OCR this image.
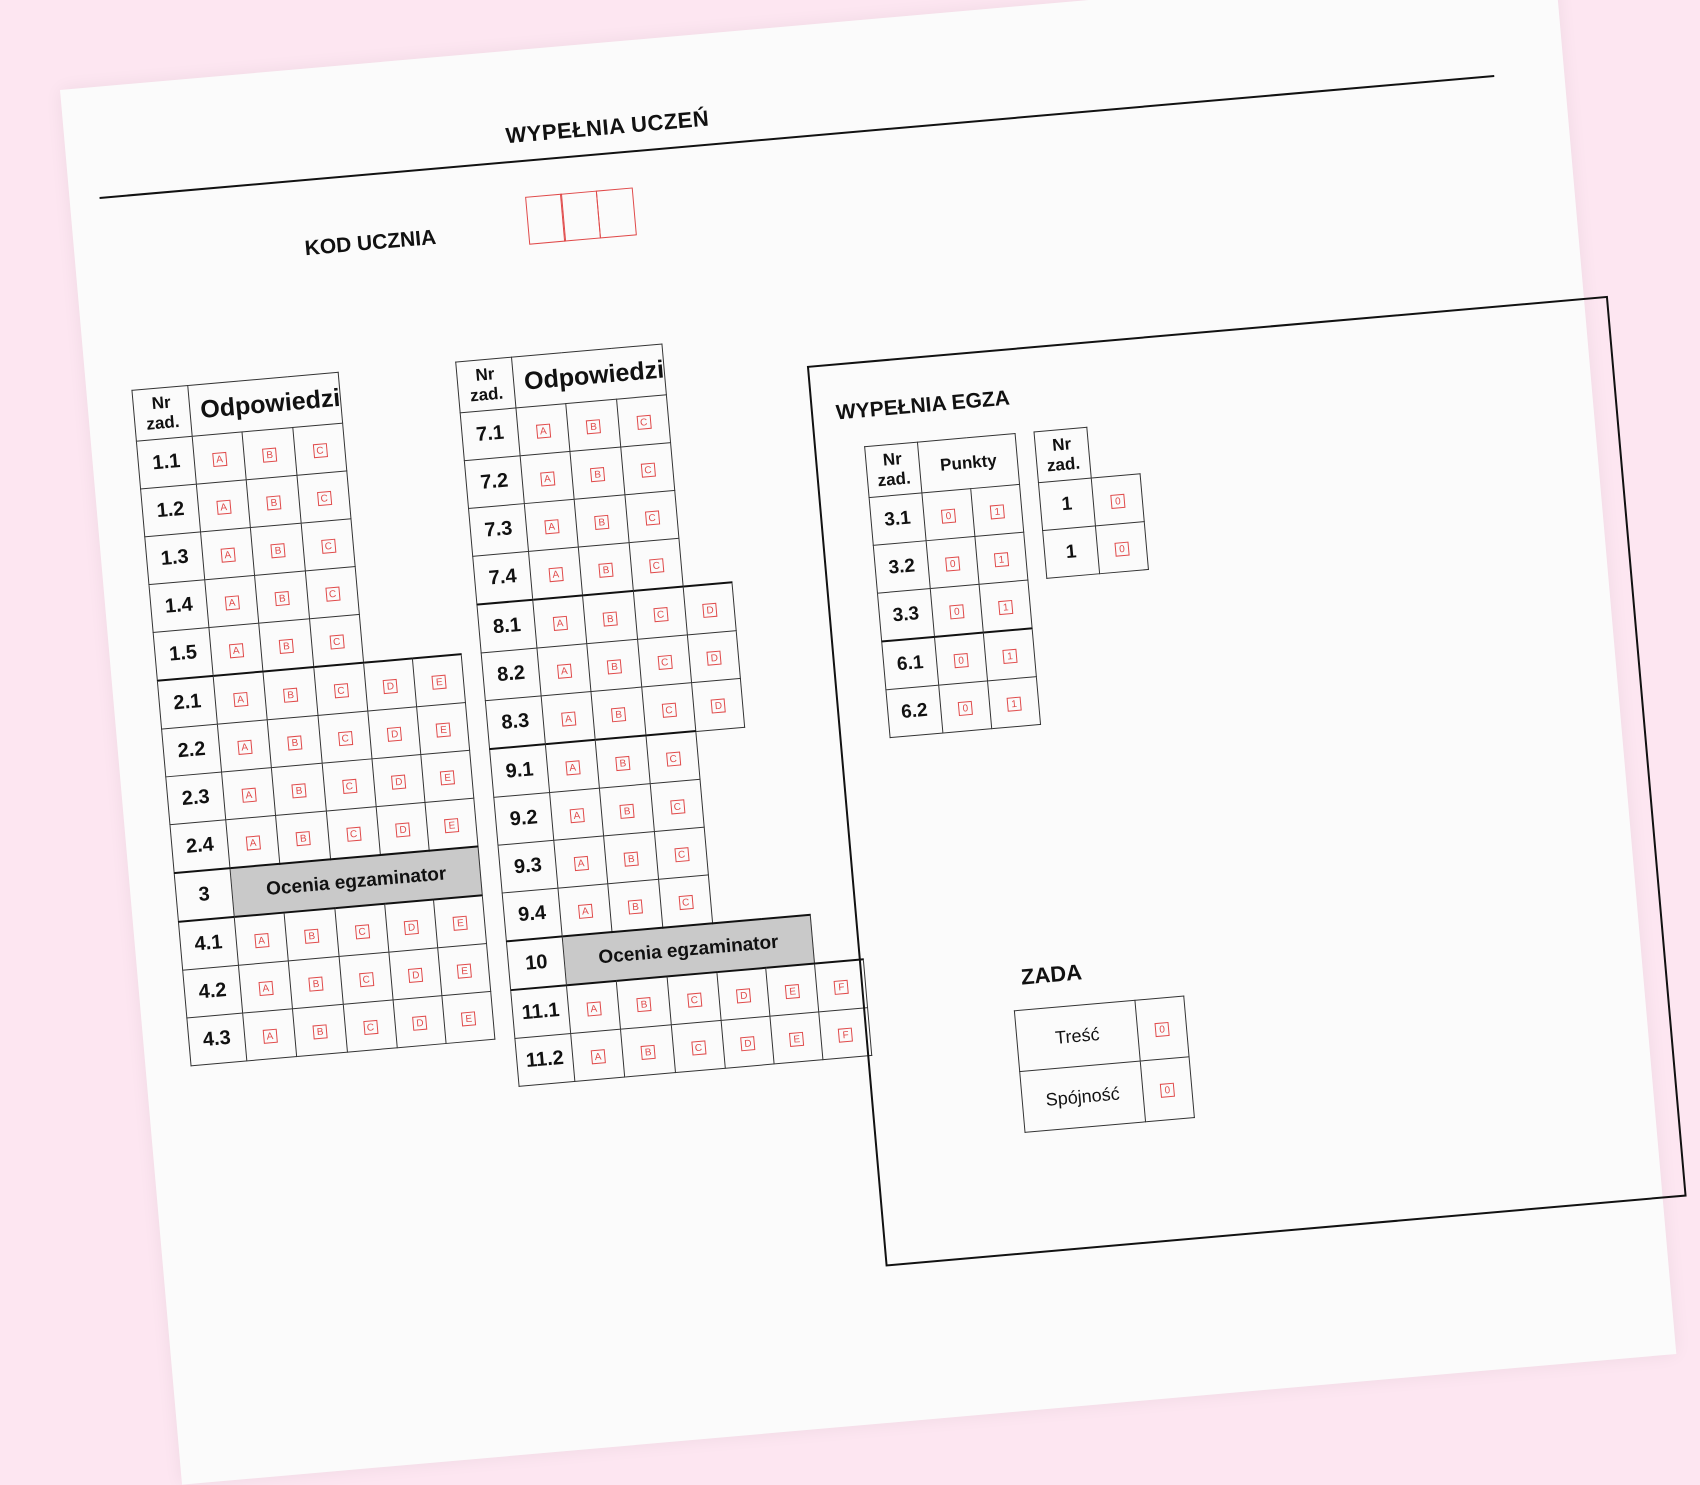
WYPEŁNIA UCZEŃ
KOD UCZNIA
Nr
zad.	Odpowiedzi				
1.1	A	B	C		
1.2	A	B	C		
1.3	A	B	C		
1.4	A	B	C		
1.5	A	B	C		
2.1	A	B	C	D	E
2.2	A	B	C	D	E
2.3	A	B	C	D	E
2.4	A	B	C	D	E
3	Ocenia egzaminator				
4.1	A	B	C	D	E
4.2	A	B	C	D	E
4.3	A	B	C	D	E
Nr
zad.	Odpowiedzi					
7.1	A	B	C			
7.2	A	B	C			
7.3	A	B	C			
7.4	A	B	C			
8.1	A	B	C	D		
8.2	A	B	C	D		
8.3	A	B	C	D		
9.1	A	B	C			
9.2	A	B	C			
9.3	A	B	C			
9.4	A	B	C			
10	Ocenia egzaminator					
11.1	A	B	C	D	E	F
11.2	A	B	C	D	E	F
WYPEŁNIA EGZA
Nr
zad.	Punkty	
3.1	0	1
3.2	0	1
3.3	0	1
6.1	0	1
6.2	0	1
Nr
zad.	

1	0
1	0
ZADA
Treść	0
Spójność	0
